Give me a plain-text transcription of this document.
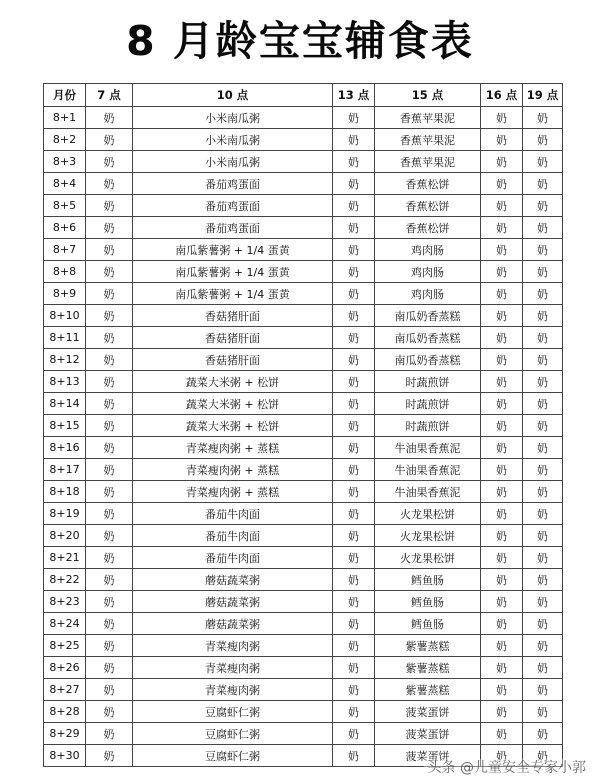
8 月龄宝宝辅食表
月份	7 点	10 点	13 点	15 点	16 点	19 点
8+1	奶	小米南瓜粥	奶	香蕉苹果泥	奶	奶
8+2	奶	小米南瓜粥	奶	香蕉苹果泥	奶	奶
8+3	奶	小米南瓜粥	奶	香蕉苹果泥	奶	奶
8+4	奶	番茄鸡蛋面	奶	香蕉松饼	奶	奶
8+5	奶	番茄鸡蛋面	奶	香蕉松饼	奶	奶
8+6	奶	番茄鸡蛋面	奶	香蕉松饼	奶	奶
8+7	奶	南瓜紫薯粥 + 1/4 蛋黄	奶	鸡肉肠	奶	奶
8+8	奶	南瓜紫薯粥 + 1/4 蛋黄	奶	鸡肉肠	奶	奶
8+9	奶	南瓜紫薯粥 + 1/4 蛋黄	奶	鸡肉肠	奶	奶
8+10	奶	香菇猪肝面	奶	南瓜奶香蒸糕	奶	奶
8+11	奶	香菇猪肝面	奶	南瓜奶香蒸糕	奶	奶
8+12	奶	香菇猪肝面	奶	南瓜奶香蒸糕	奶	奶
8+13	奶	蔬菜大米粥 + 松饼	奶	时蔬煎饼	奶	奶
8+14	奶	蔬菜大米粥 + 松饼	奶	时蔬煎饼	奶	奶
8+15	奶	蔬菜大米粥 + 松饼	奶	时蔬煎饼	奶	奶
8+16	奶	青菜瘦肉粥 + 蒸糕	奶	牛油果香蕉泥	奶	奶
8+17	奶	青菜瘦肉粥 + 蒸糕	奶	牛油果香蕉泥	奶	奶
8+18	奶	青菜瘦肉粥 + 蒸糕	奶	牛油果香蕉泥	奶	奶
8+19	奶	番茄牛肉面	奶	火龙果松饼	奶	奶
8+20	奶	番茄牛肉面	奶	火龙果松饼	奶	奶
8+21	奶	番茄牛肉面	奶	火龙果松饼	奶	奶
8+22	奶	蘑菇蔬菜粥	奶	鳕鱼肠	奶	奶
8+23	奶	蘑菇蔬菜粥	奶	鳕鱼肠	奶	奶
8+24	奶	蘑菇蔬菜粥	奶	鳕鱼肠	奶	奶
8+25	奶	青菜瘦肉粥	奶	紫薯蒸糕	奶	奶
8+26	奶	青菜瘦肉粥	奶	紫薯蒸糕	奶	奶
8+27	奶	青菜瘦肉粥	奶	紫薯蒸糕	奶	奶
8+28	奶	豆腐虾仁粥	奶	菠菜蛋饼	奶	奶
8+29	奶	豆腐虾仁粥	奶	菠菜蛋饼	奶	奶
8+30	奶	豆腐虾仁粥	奶	菠菜蛋饼	奶	奶
头条 @儿童安全专家小郭
